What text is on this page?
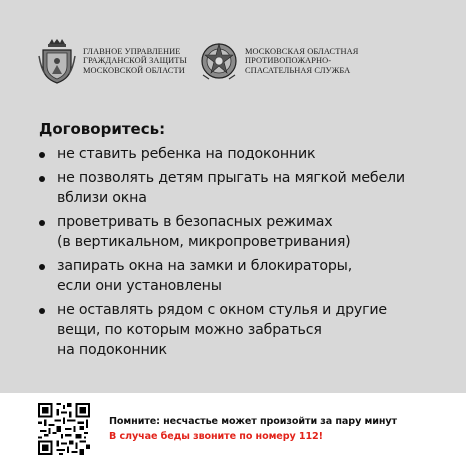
ГЛАВНОЕ УПРАВЛЕНИЕ
ГРАЖДАНСКОЙ ЗАЩИТЫ
МОСКОВСКОЙ ОБЛАСТИ
МОСКОВСКАЯ ОБЛАСТНАЯ
ПРОТИВОПОЖАРНО-
СПАСАТЕЛЬНАЯ СЛУЖБА
Договоритесь:
не ставить ребенка на подоконник
не позволять детям прыгать на мягкой мебели
вблизи окна
проветривать в безопасных режимах
(в вертикальном, микропроветривания)
запирать окна на замки и блокираторы,
если они установлены
не оставлять рядом с окном стулья и другие
вещи, по которым можно забраться
на подоконник
Помните: несчастье может произойти за пару минут
В случае беды звоните по номеру 112!
